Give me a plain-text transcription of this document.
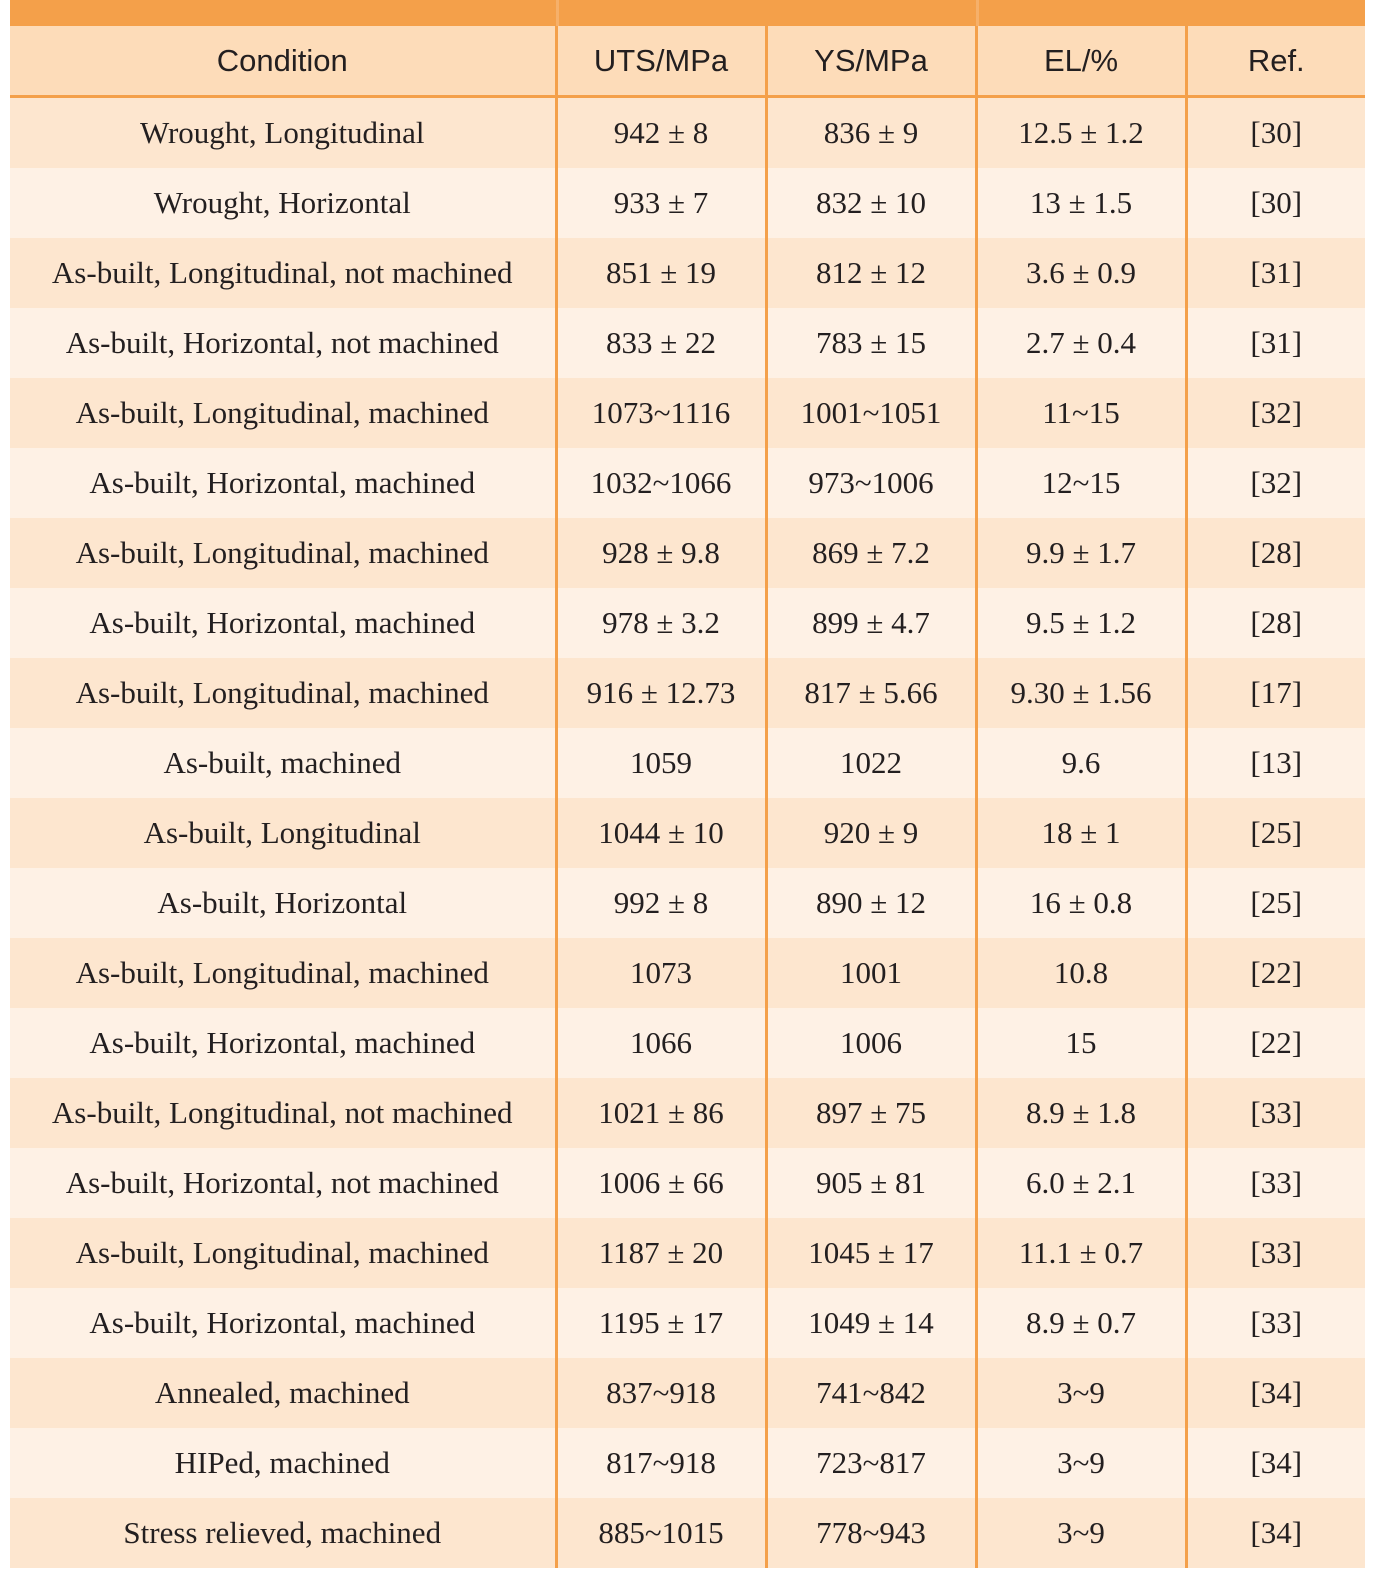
Condition	UTS/MPa	YS/MPa	EL/%	Ref.
Wrought, Longitudinal	942 ± 8	836 ± 9	12.5 ± 1.2	[30]
Wrought, Horizontal	933 ± 7	832 ± 10	13 ± 1.5	[30]
As-built, Longitudinal, not machined	851 ± 19	812 ± 12	3.6 ± 0.9	[31]
As-built, Horizontal, not machined	833 ± 22	783 ± 15	2.7 ± 0.4	[31]
As-built, Longitudinal, machined	1073~1116	1001~1051	11~15	[32]
As-built, Horizontal, machined	1032~1066	973~1006	12~15	[32]
As-built, Longitudinal, machined	928 ± 9.8	869 ± 7.2	9.9 ± 1.7	[28]
As-built, Horizontal, machined	978 ± 3.2	899 ± 4.7	9.5 ± 1.2	[28]
As-built, Longitudinal, machined	916 ± 12.73	817 ± 5.66	9.30 ± 1.56	[17]
As-built, machined	1059	1022	9.6	[13]
As-built, Longitudinal	1044 ± 10	920 ± 9	18 ± 1	[25]
As-built, Horizontal	992 ± 8	890 ± 12	16 ± 0.8	[25]
As-built, Longitudinal, machined	1073	1001	10.8	[22]
As-built, Horizontal, machined	1066	1006	15	[22]
As-built, Longitudinal, not machined	1021 ± 86	897 ± 75	8.9 ± 1.8	[33]
As-built, Horizontal, not machined	1006 ± 66	905 ± 81	6.0 ± 2.1	[33]
As-built, Longitudinal, machined	1187 ± 20	1045 ± 17	11.1 ± 0.7	[33]
As-built, Horizontal, machined	1195 ± 17	1049 ± 14	8.9 ± 0.7	[33]
Annealed, machined	837~918	741~842	3~9	[34]
HIPed, machined	817~918	723~817	3~9	[34]
Stress relieved, machined	885~1015	778~943	3~9	[34]
